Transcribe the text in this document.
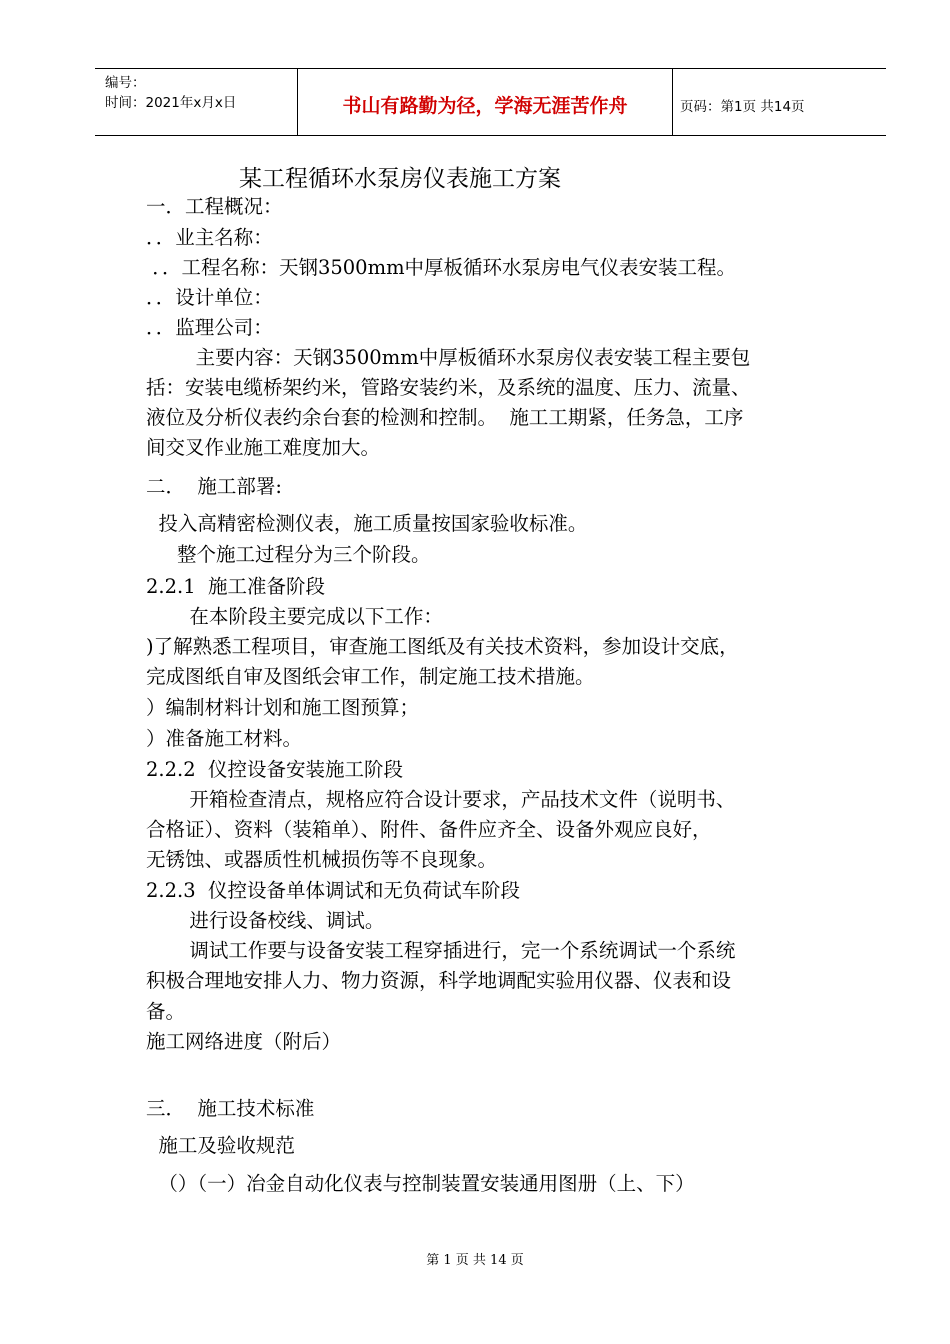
编号：
时间：2021年x月x日	书山有路勤为径，学海无涯苦作舟	页码：第1页 共14页
某工程循环水泵房仪表施工方案
一．工程概况：
．．业主名称：
．．工程名称：天钢3500mm中厚板循环水泵房电气仪表安装工程。
．．设计单位：
．．监理公司：
主要内容：天钢3500mm中厚板循环水泵房仪表安装工程主要包
括：安装电缆桥架约米，管路安装约米，及系统的温度、压力、流量、
液位及分析仪表约余台套的检测和控制。  施工工期紧，任务急，工序
间交叉作业施工难度加大。
二．  施工部署:
投入高精密检测仪表，施工质量按国家验收标准。
整个施工过程分为三个阶段。
2.2.1  施工准备阶段
在本阶段主要完成以下工作：
)了解熟悉工程项目，审查施工图纸及有关技术资料，参加设计交底，
完成图纸自审及图纸会审工作，制定施工技术措施。
）编制材料计划和施工图预算；
）准备施工材料。
2.2.2  仪控设备安装施工阶段
开箱检查清点，规格应符合设计要求，产品技术文件（说明书、
合格证）、资料（装箱单）、附件、备件应齐全、设备外观应良好，
无锈蚀、或器质性机械损伤等不良现象。
2.2.3  仪控设备单体调试和无负荷试车阶段
进行设备校线、调试。
调试工作要与设备安装工程穿插进行，完一个系统调试一个系统
积极合理地安排人力、物力资源，科学地调配实验用仪器、仪表和设
备。
施工网络进度（附后）
三．  施工技术标准
施工及验收规范
（）（一）冶金自动化仪表与控制装置安装通用图册（上、下）
第 1 页 共 14 页
